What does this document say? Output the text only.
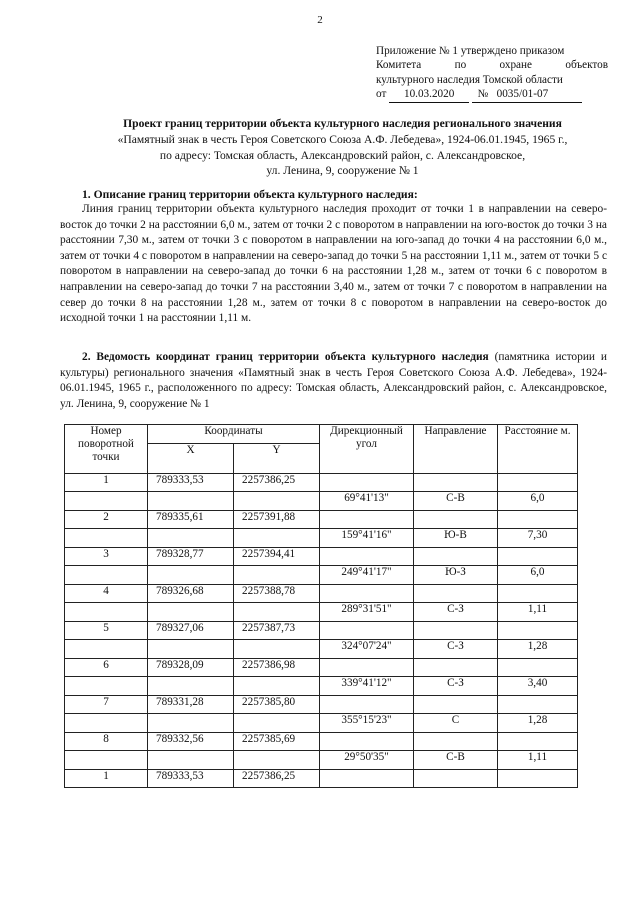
2
Приложение № 1 утверждено приказом
Комитета	по	охране	объектов
культурного наследия Томской области
от 10.03.2020 № 0035/01-07
Проект границ территории объекта культурного наследия регионального значения
«Памятный знак в честь Героя Советского Союза А.Ф. Лебедева», 1924-06.01.1945, 1965 г.,
по адресу: Томская область, Александровский район, с. Александровское,
ул. Ленина, 9, сооружение № 1
1. Описание границ территории объекта культурного наследия:
Линия границ территории объекта культурного наследия проходит от точки 1 в направлении на северо-восток до точки 2 на расстоянии 6,0 м., затем от точки 2 с поворотом в направлении на юго-восток до точки 3 на расстоянии 7,30 м., затем от точки 3 с поворотом в направлении на юго-запад до точки 4 на расстоянии 6,0 м., затем от точки 4 с поворотом в направлении на северо-запад до точки 5 на расстоянии 1,11 м., затем от точки 5 с поворотом в направлении на северо-запад до точки 6 на расстоянии 1,28 м., затем от точки 6 с поворотом в направлении на северо-запад до точки 7 на расстоянии 3,40 м., затем от точки 7 с поворотом в направлении на север до точки 8 на расстоянии 1,28 м., затем от точки 8 с поворотом в направлении на северо-восток до исходной точки 1 на расстоянии 1,11 м.
2. Ведомость координат границ территории объекта культурного наследия (памятника истории и культуры) регионального значения «Памятный знак в честь Героя Советского Союза А.Ф. Лебедева», 1924-06.01.1945, 1965 г., расположенного по адресу: Томская область, Александровский район, с. Александровское, ул. Ленина, 9, сооружение № 1
Номер поворотной точки	Координаты		Дирекционный угол	Направление	Расстояние м.
	X	Y			
1	789333,53	2257386,25			
			69°41'13"	С-В	6,0
2	789335,61	2257391,88			
			159°41'16"	Ю-В	7,30
3	789328,77	2257394,41			
			249°41'17"	Ю-З	6,0
4	789326,68	2257388,78			
			289°31'51"	С-З	1,11
5	789327,06	2257387,73			
			324°07'24"	С-З	1,28
6	789328,09	2257386,98			
			339°41'12"	С-З	3,40
7	789331,28	2257385,80			
			355°15'23"	С	1,28
8	789332,56	2257385,69			
			29°50'35"	С-В	1,11
1	789333,53	2257386,25			
